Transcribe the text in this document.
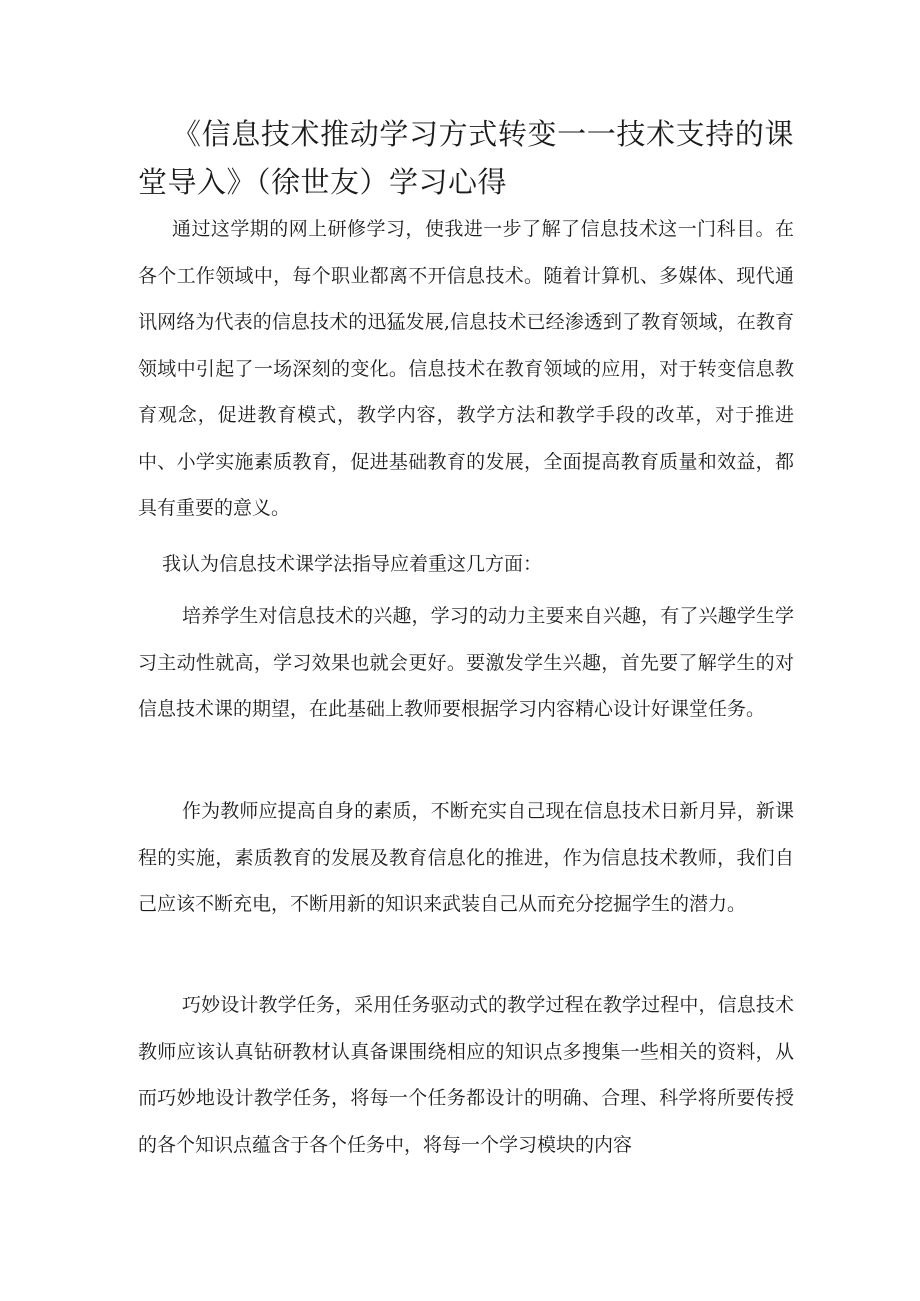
《信息技术推动学习方式转变一一技术支持的课堂导入》（徐世友）学习心得

通过这学期的网上研修学习，使我进一步了解了信息技术这一门科目。在各个工作领域中，每个职业都离不开信息技术。随着计算机、多媒体、现代通讯网络为代表的信息技术的迅猛发展,信息技术已经渗透到了教育领域，在教育领域中引起了一场深刻的变化。信息技术在教育领域的应用，对于转变信息教育观念，促进教育模式，教学内容，教学方法和教学手段的改革，对于推进中、小学实施素质教育，促进基础教育的发展，全面提高教育质量和效益，都具有重要的意义。

我认为信息技术课学法指导应着重这几方面：

培养学生对信息技术的兴趣，学习的动力主要来自兴趣，有了兴趣学生学习主动性就高，学习效果也就会更好。要激发学生兴趣，首先要了解学生的对信息技术课的期望，在此基础上教师要根据学习内容精心设计好课堂任务。

作为教师应提高自身的素质，不断充实自己现在信息技术日新月异，新课程的实施，素质教育的发展及教育信息化的推进，作为信息技术教师，我们自己应该不断充电，不断用新的知识来武装自己从而充分挖掘学生的潜力。

巧妙设计教学任务，采用任务驱动式的教学过程在教学过程中，信息技术教师应该认真钻研教材认真备课围绕相应的知识点多搜集一些相关的资料，从而巧妙地设计教学任务，将每一个任务都设计的明确、合理、科学将所要传授的各个知识点蕴含于各个任务中，将每一个学习模块的内容
